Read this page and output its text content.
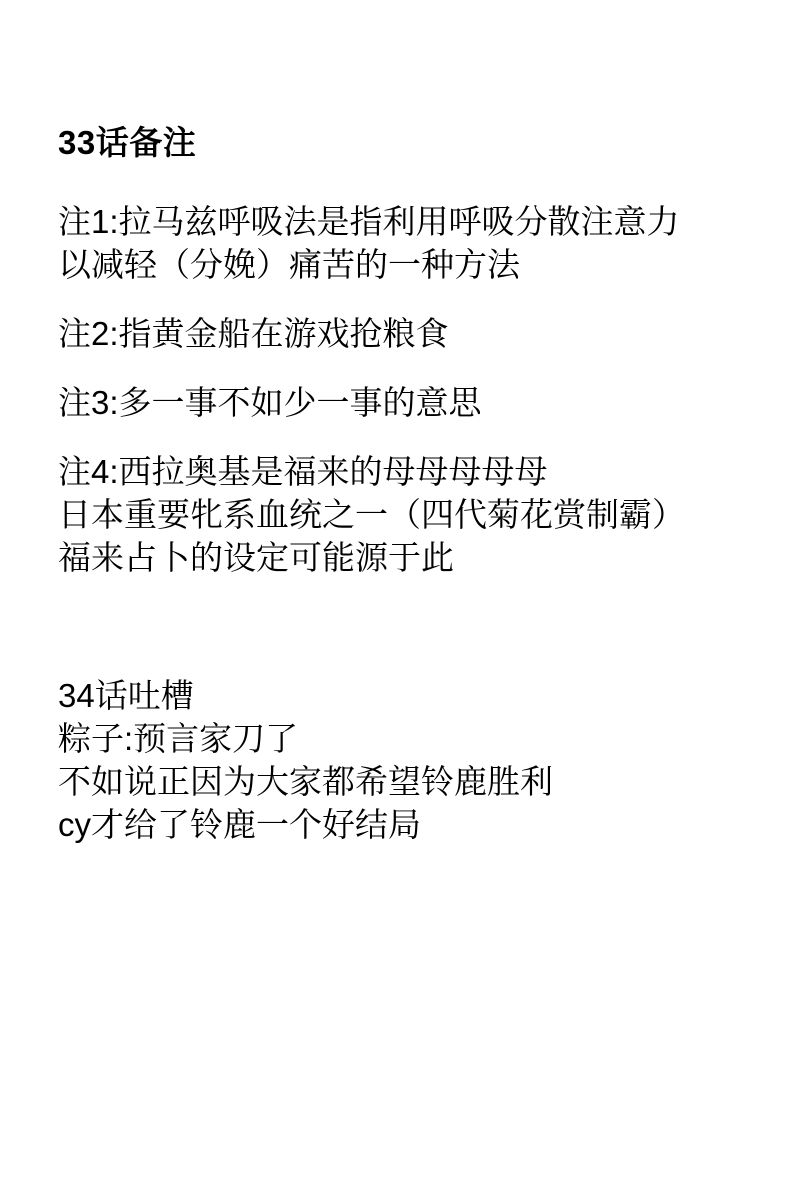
33话备注
注1:拉马兹呼吸法是指利用呼吸分散注意力
以减轻（分娩）痛苦的一种方法
注2:指黄金船在游戏抢粮食
注3:多一事不如少一事的意思
注4:西拉奥基是福来的母母母母母
日本重要牝系血统之一（四代菊花赏制霸）
福来占卜的设定可能源于此
34话吐槽
粽子:预言家刀了
不如说正因为大家都希望铃鹿胜利
cy才给了铃鹿一个好结局
